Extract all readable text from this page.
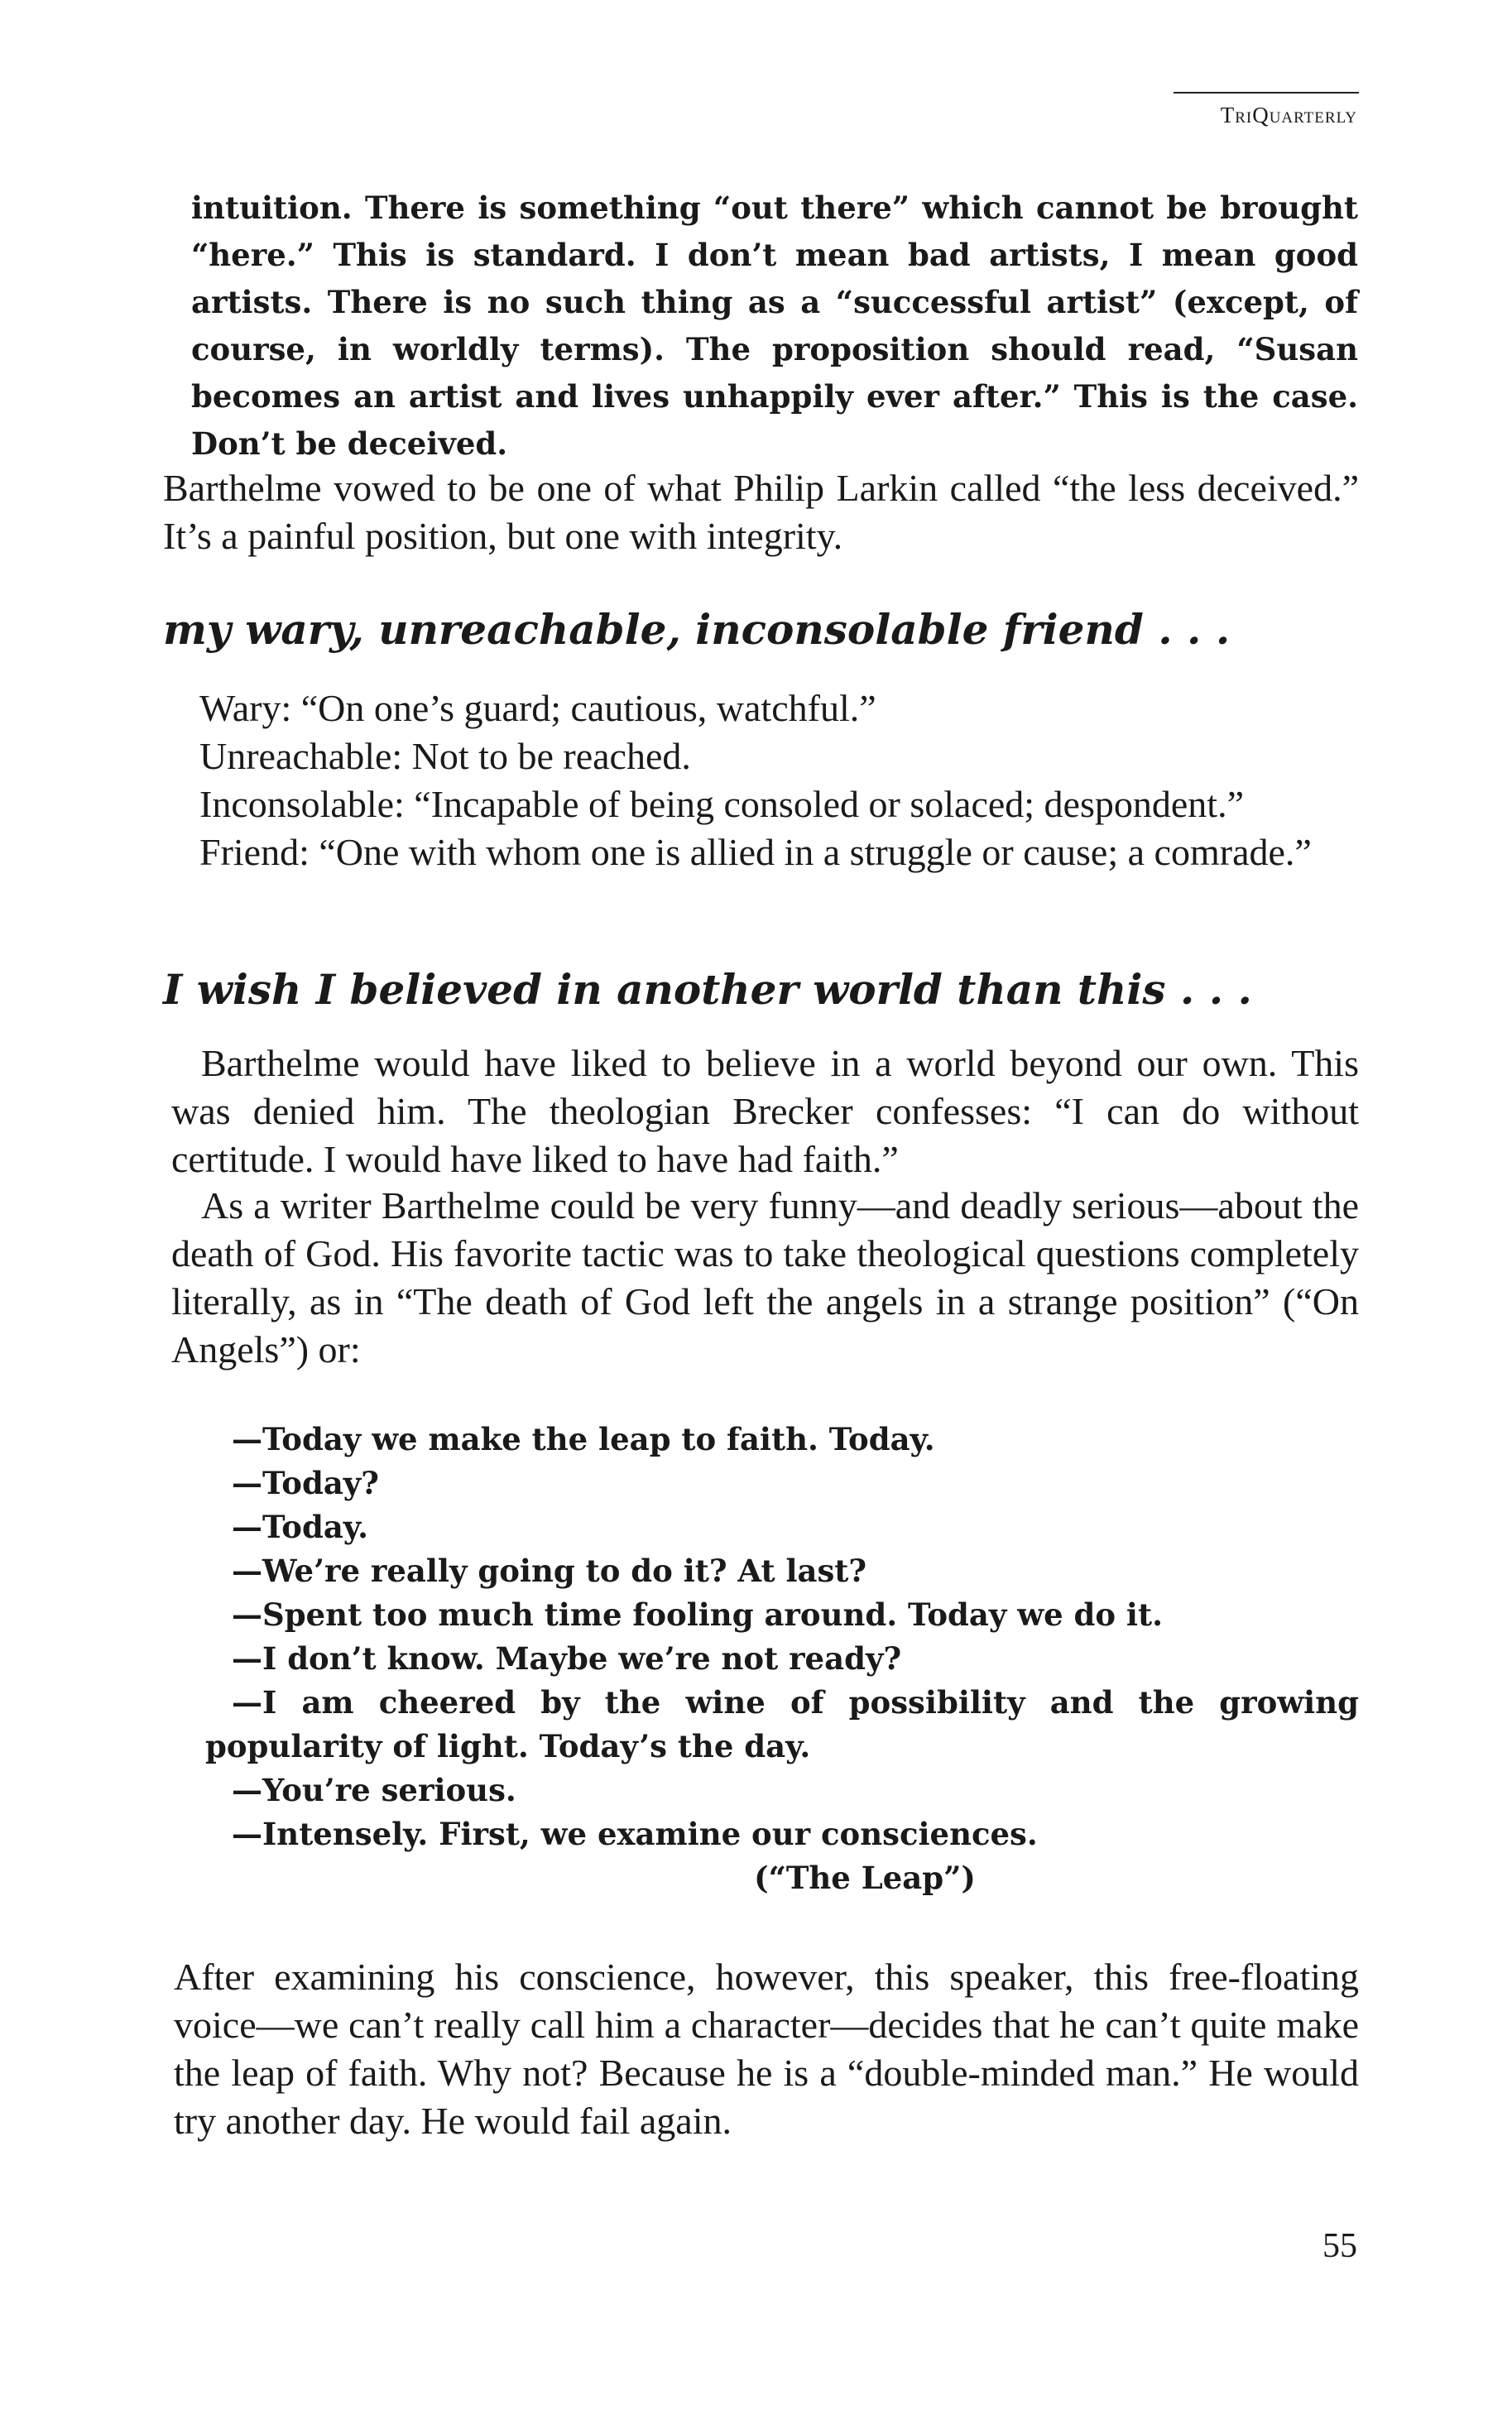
TriQuarterly
intuition. There is something “out there” which cannot be brought “here.” This is standard. I don’t mean bad artists, I mean good artists. There is no such thing as a “successful artist” (except, of course, in worldly terms). The proposition should read, “Susan becomes an artist and lives unhappily ever after.” This is the case. Don’t be deceived.

Barthelme vowed to be one of what Philip Larkin called “the less deceived.” It’s a painful position, but one with integrity.

my wary, unreachable, inconsolable friend . . .

Wary: “On one’s guard; cautious, watchful.”

Unreachable: Not to be reached.

Inconsolable: “Incapable of being consoled or solaced; despondent.”

Friend: “One with whom one is allied in a struggle or cause; a comrade.”

I wish I believed in another world than this . . .

Barthelme would have liked to believe in a world beyond our own. This was denied him. The theologian Brecker confesses: “I can do without certitude. I would have liked to have had faith.”

As a writer Barthelme could be very funny—and deadly serious—about the death of God. His favorite tactic was to take theological questions completely literally, as in “The death of God left the angels in a strange position” (“On Angels”) or:

—Today we make the leap to faith. Today.
—Today?
—Today.
—We’re really going to do it? At last?
—Spent too much time fooling around. Today we do it.
—I don’t know. Maybe we’re not ready?
—I am cheered by the wine of possibility and the growing popularity of light. Today’s the day.
—You’re serious.
—Intensely. First, we examine our consciences.
(“The Leap”)

After examining his conscience, however, this speaker, this free-floating voice—we can’t really call him a character—decides that he can’t quite make the leap of faith. Why not? Because he is a “double-minded man.” He would try another day. He would fail again.

55
